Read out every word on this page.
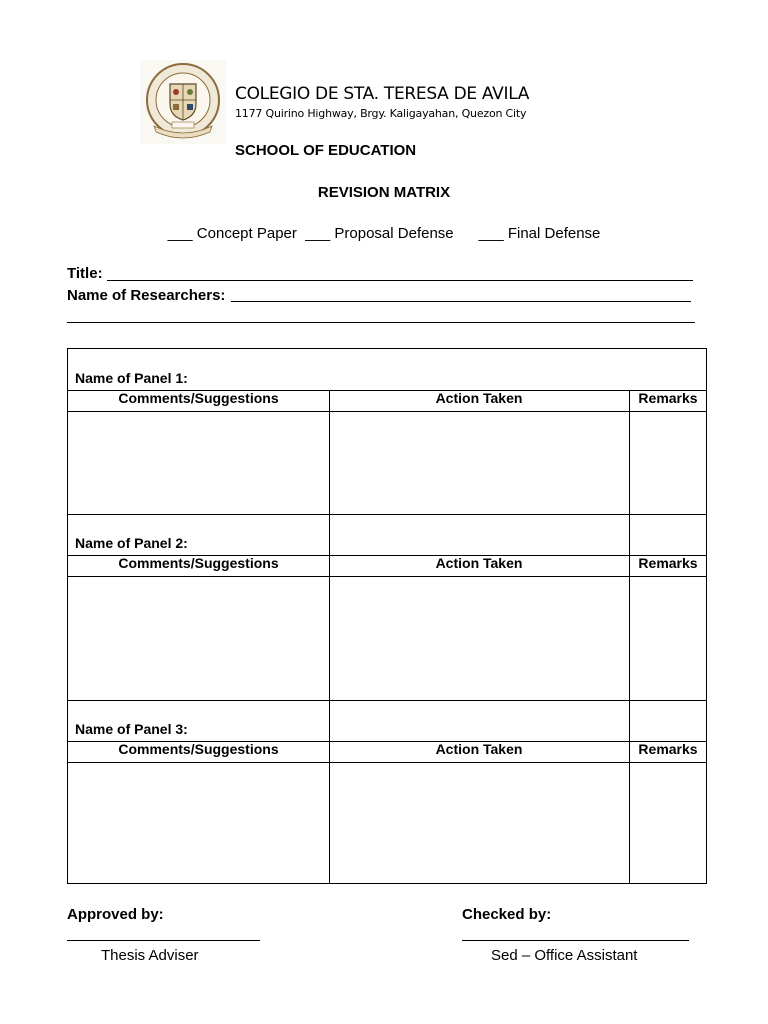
COLEGIO DE STA. TERESA DE AVILA
1177 Quirino Highway, Brgy. Kaligayahan, Quezon City
SCHOOL OF EDUCATION
REVISION MATRIX
___ Concept Paper  ___ Proposal Defense      ___ Final Defense
Title:
Name of Researchers:
Name of Panel 1:
Comments/Suggestions	Action Taken	Remarks
Name of Panel 2:
Comments/Suggestions	Action Taken	Remarks
Name of Panel 3:
Comments/Suggestions	Action Taken	Remarks
Approved by:
Thesis Adviser
Checked by:
Sed – Office Assistant
